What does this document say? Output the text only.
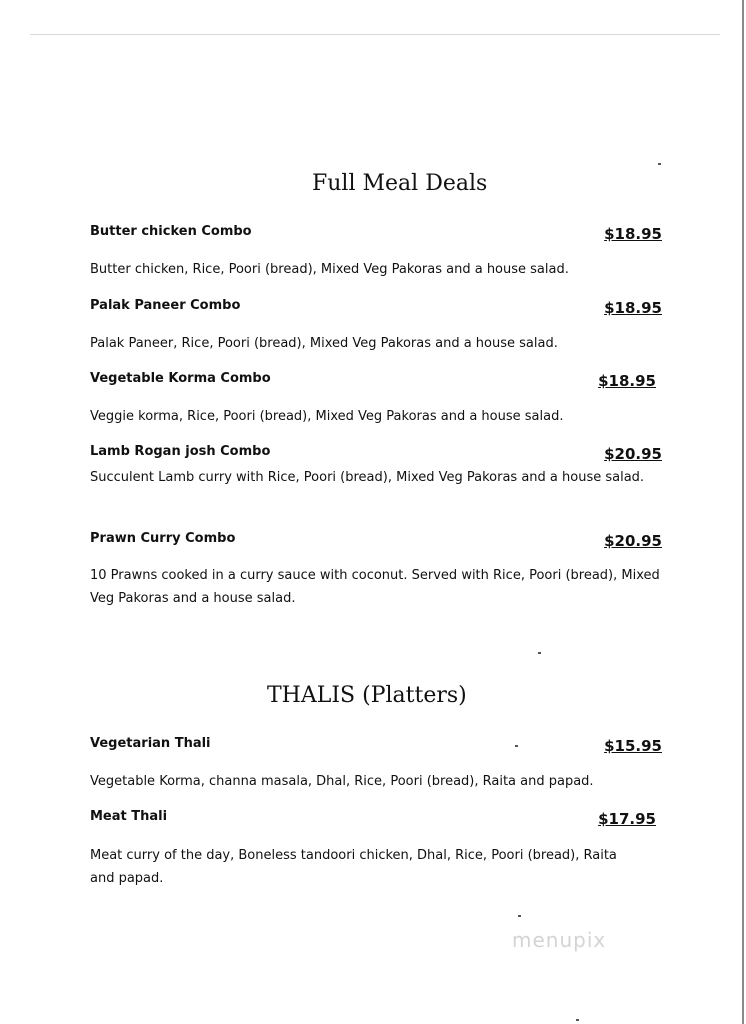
Full Meal Deals
Butter chicken Combo	$18.95
Butter chicken, Rice, Poori (bread), Mixed Veg Pakoras and a house salad.
Palak Paneer Combo	$18.95
Palak Paneer, Rice, Poori (bread), Mixed Veg Pakoras and a house salad.
Vegetable Korma Combo	$18.95
Veggie korma, Rice, Poori (bread), Mixed Veg Pakoras and a house salad.
Lamb Rogan josh Combo	$20.95
Succulent Lamb curry with Rice, Poori (bread), Mixed Veg Pakoras and a house salad.
Prawn Curry Combo	$20.95
10 Prawns cooked in a curry sauce with coconut. Served with Rice, Poori (bread), Mixed Veg Pakoras and a house salad.
THALIS (Platters)
Vegetarian Thali	$15.95
Vegetable Korma, channa masala, Dhal, Rice, Poori (bread), Raita and papad.
Meat Thali	$17.95
Meat curry of the day, Boneless tandoori chicken, Dhal, Rice, Poori (bread), Raita and papad.
menupix
